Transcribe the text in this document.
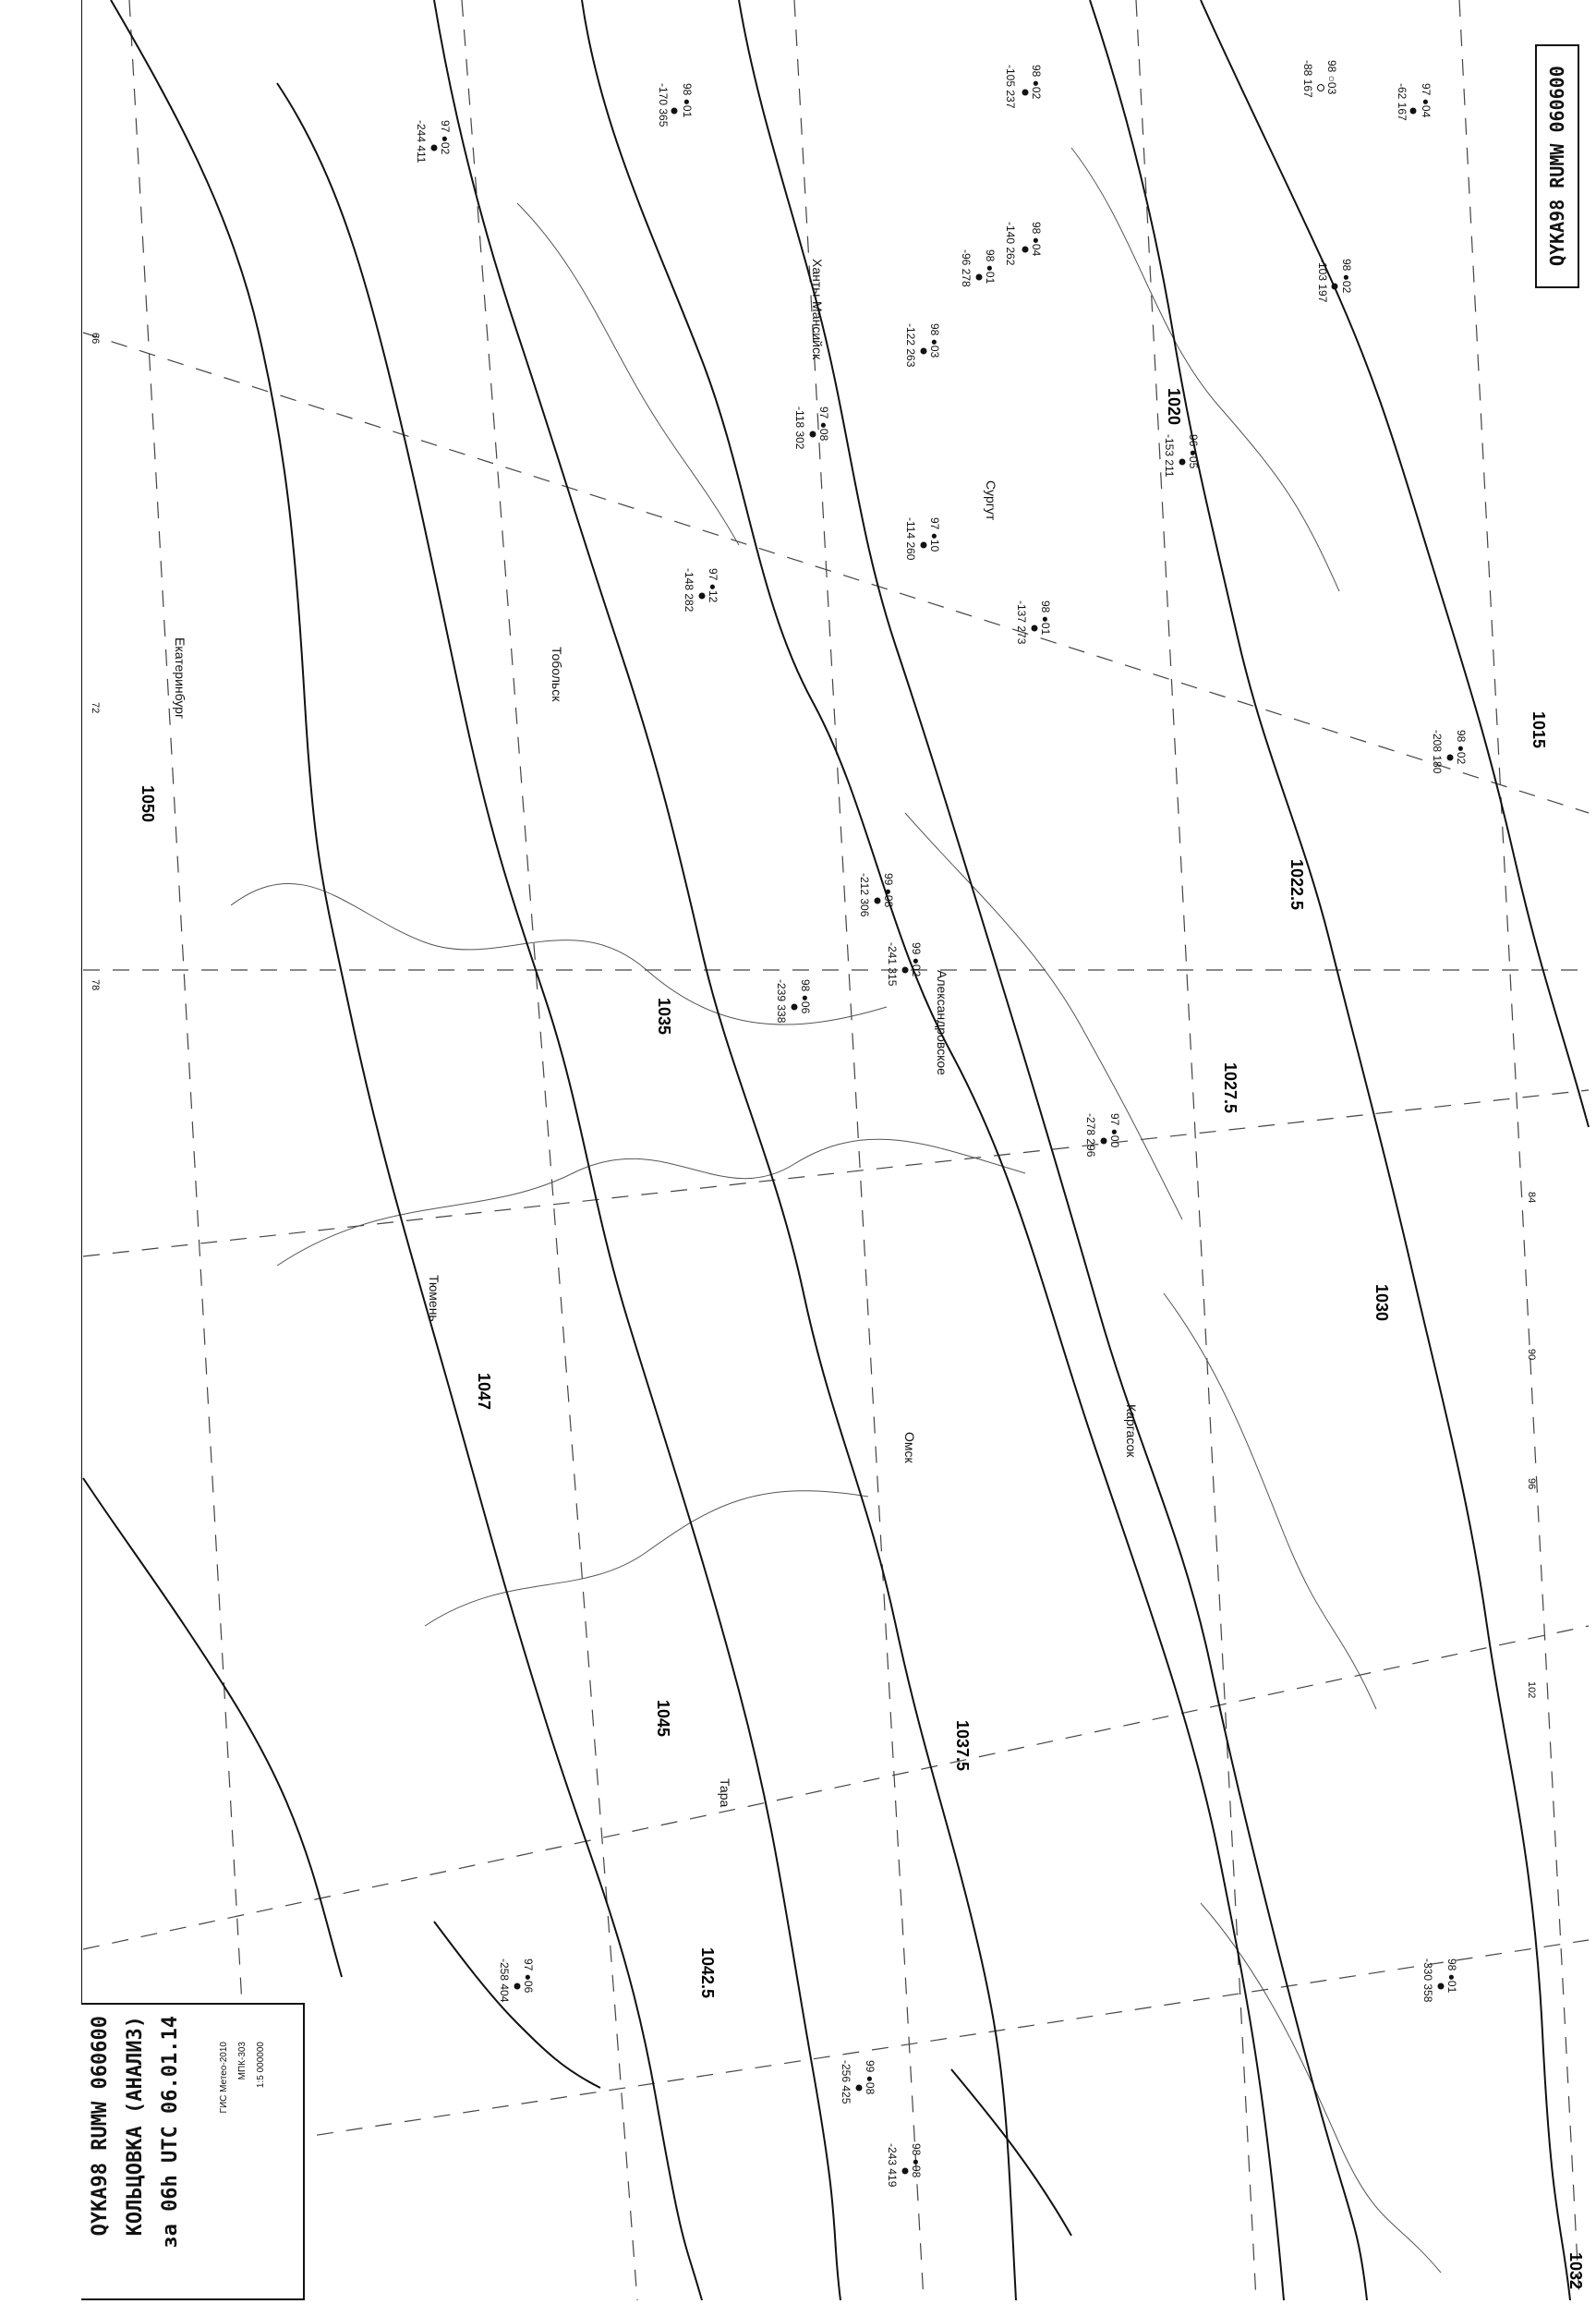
1020
1015
1022.5
1027.5
1030
1032
1035
1037.5
1042.5
1045
1047
1050
Ханты-Мансийск
Сургут
Тобольск
Александровское
Тюмень
Омск	Каргасок
Екатеринбург
Тара
-244 411 97 ●02
-170 365 98 ●01	-105 237 98 ●02	-88 167 98 ○03
-62 167 97 ●04
-140 262 98 ●04
-103 197 98 ●02
-122 263 98 ●03
-96 278 98 ●01
-153 211 96 ●05
-118 302 97 ●08
-148 282 97 ●12
-114 260 97 ●10
-137 273 98 ●01
-208 180 98 ●02
-212 306 99 ●08
-241 315 99 ●02
-239 338 98 ●06
-278 296 97 ●00
-330 358 98 ●01
-258 404 97 ●06
-256 425 99 ●08
-243 419 98 ●08
66
72
78
84
90
96
102
QYKA98 RUMW 060600
QYKA98 RUMW 060600 КОЛЬЦОВКА (АНАЛИЗ) за 06h UTC 06.01.14	ГИС Метео-2010 МПК-303 1:5 000000
